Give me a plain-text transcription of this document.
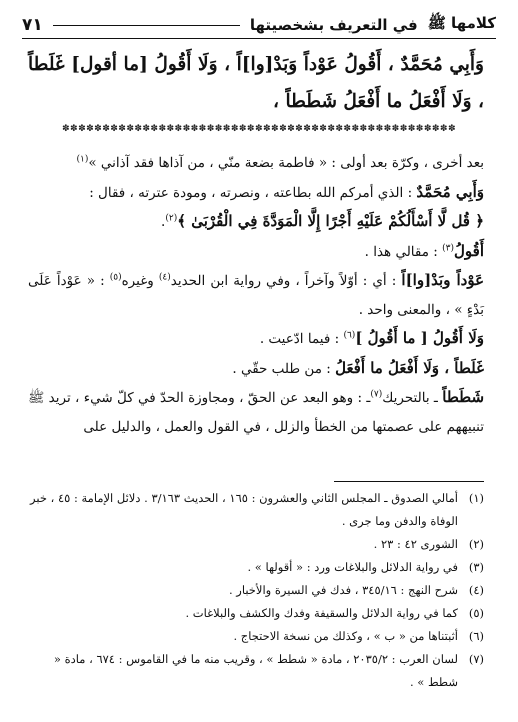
كلامها ﷺ
في التعريف بشخصيتها
٧١
وَأَبِي مُحَمَّدٌ ، أَقُولُ عَوْداً وَبَدْ[وا]اً ، وَلَا أَقُولُ [ما أقول] غَلَطاً ، وَلَا أَفْعَلُ ما أَفْعَلُ شَطَطاً ،
✽✽✽✽✽✽✽✽✽✽✽✽✽✽✽✽✽✽✽✽✽✽✽✽✽✽✽✽✽✽✽✽✽✽✽✽✽✽✽✽✽✽✽✽✽✽✽✽✽

بعد أخرى ، وكرّة بعد أولى : « فاطمة بضعة منّي ، من آذاها فقد آذاني »$^{(١)}$

وَأَبِي مُحَمَّدٌ : الذي أمركم الله بطاعته ، ونصرته ، ومودة عترته ، فقال :

﴿ قُل لَّا أَسْأَلُكُمْ عَلَيْهِ أَجْرًا إِلَّا الْمَوَدَّةَ فِي الْقُرْبَىٰ ﴾$^{(٢)}$.

أَقُولُ$^{(٣)}$ : مقالي هذا .

عَوْداً وبَدْ[وا]اً : أي : أوّلاً وآخراً ، وفي رواية ابن الحديد$^{(٤)}$ وغيره$^{(٥)}$ : « عَوْداً عَلَى بَدْءٍ » ، والمعنى واحد .

وَلَا أَقُولُ [ ما أَقُولُ ]$^{(٦)}$ : فيما ادّعيت .

غَلَطاً ، وَلَا أَفْعَلُ ما أَفْعَلُ : من طلب حقّي .

شَطَطاً ـ بالتحريك$^{(٧)}$ـ : وهو البعد عن الحقّ ، ومجاوزة الحدّ في كلّ شيء ، تريد ﷺ تنبيههم على عصمتها من الخطأ والزلل ، في القول والعمل ، والدليل على

(١)
أمالي الصدوق ـ المجلس الثاني والعشرون : ١٦٥ ، الحديث ٣/١٦٣ . دلائل الإمامة : ٤٥ ، خبر الوفاة والدفن وما جرى .

(٢)
الشورى ٤٢ : ٢٣ .

(٣)
في رواية الدلائل والبلاغات ورد : « أقولها » .

(٤)
شرح النهج : ٣٤٥/١٦ ، فدك في السيرة والأخبار .

(٥)
كما في رواية الدلائل والسقيفة وفدك والكشف والبلاغات .

(٦)
أثبتناها من « ب » ، وكذلك من نسخة الاحتجاج .

(٧)
لسان العرب : ٢٠٣٥/٢ ، مادة « شطط » ، وقريب منه ما في القاموس : ٦٧٤ ، مادة « شطط » .
